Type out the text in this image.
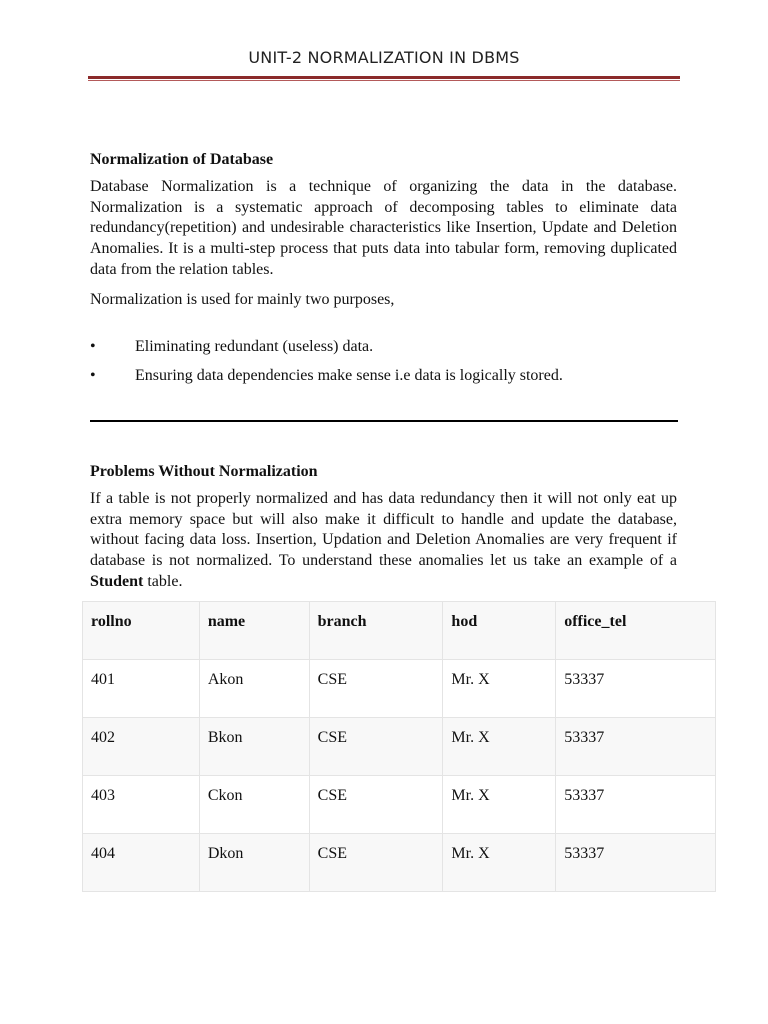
UNIT-2 NORMALIZATION IN DBMS
Normalization of Database

Database Normalization is a technique of organizing the data in the database. Normalization is a systematic approach of decomposing tables to eliminate data redundancy(repetition) and undesirable characteristics like Insertion, Update and Deletion Anomalies. It is a multi-step process that puts data into tabular form, removing duplicated data from the relation tables.

Normalization is used for mainly two purposes,

• Eliminating redundant (useless) data.
• Ensuring data dependencies make sense i.e data is logically stored.
Problems Without Normalization

If a table is not properly normalized and has data redundancy then it will not only eat up extra memory space but will also make it difficult to handle and update the database, without facing data loss. Insertion, Updation and Deletion Anomalies are very frequent if database is not normalized. To understand these anomalies let us take an example of a Student table.

rollno	name	branch	hod	office_tel
401	Akon	CSE	Mr. X	53337
402	Bkon	CSE	Mr. X	53337
403	Ckon	CSE	Mr. X	53337
404	Dkon	CSE	Mr. X	53337
